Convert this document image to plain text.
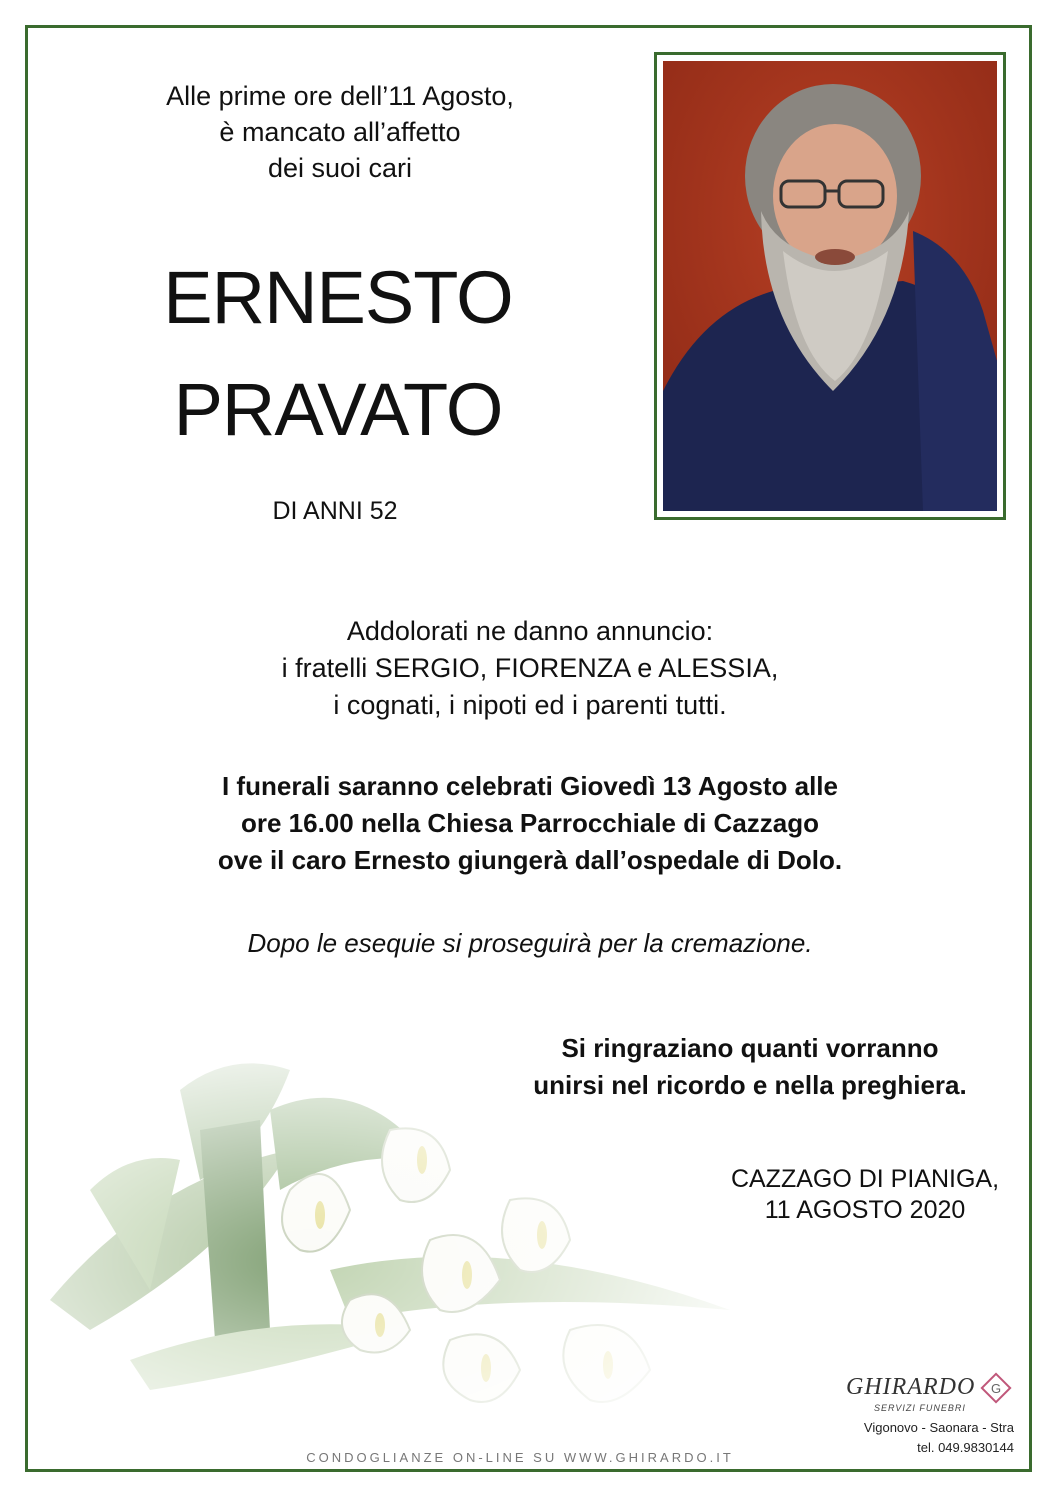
Alle prime ore dell’11 Agosto,
è mancato all’affetto
dei suoi cari
ERNESTO
PRAVATO
DI ANNI 52
Addolorati ne danno annuncio:
i fratelli SERGIO, FIORENZA e ALESSIA,
i cognati, i nipoti ed i parenti tutti.
I funerali saranno celebrati Giovedì 13 Agosto alle
ore 16.00 nella Chiesa Parrocchiale di Cazzago
ove il caro Ernesto giungerà dall’ospedale di Dolo.
Dopo le esequie si proseguirà per la cremazione.
Si ringraziano quanti vorranno
unirsi nel ricordo e nella preghiera.
CAZZAGO DI PIANIGA,
11 AGOSTO 2020
CONDOGLIANZE ON-LINE SU WWW.GHIRARDO.IT
GHIRARDO
SERVIZI FUNEBRI
G
Vigonovo - Saonara - Stra
tel. 049.9830144
